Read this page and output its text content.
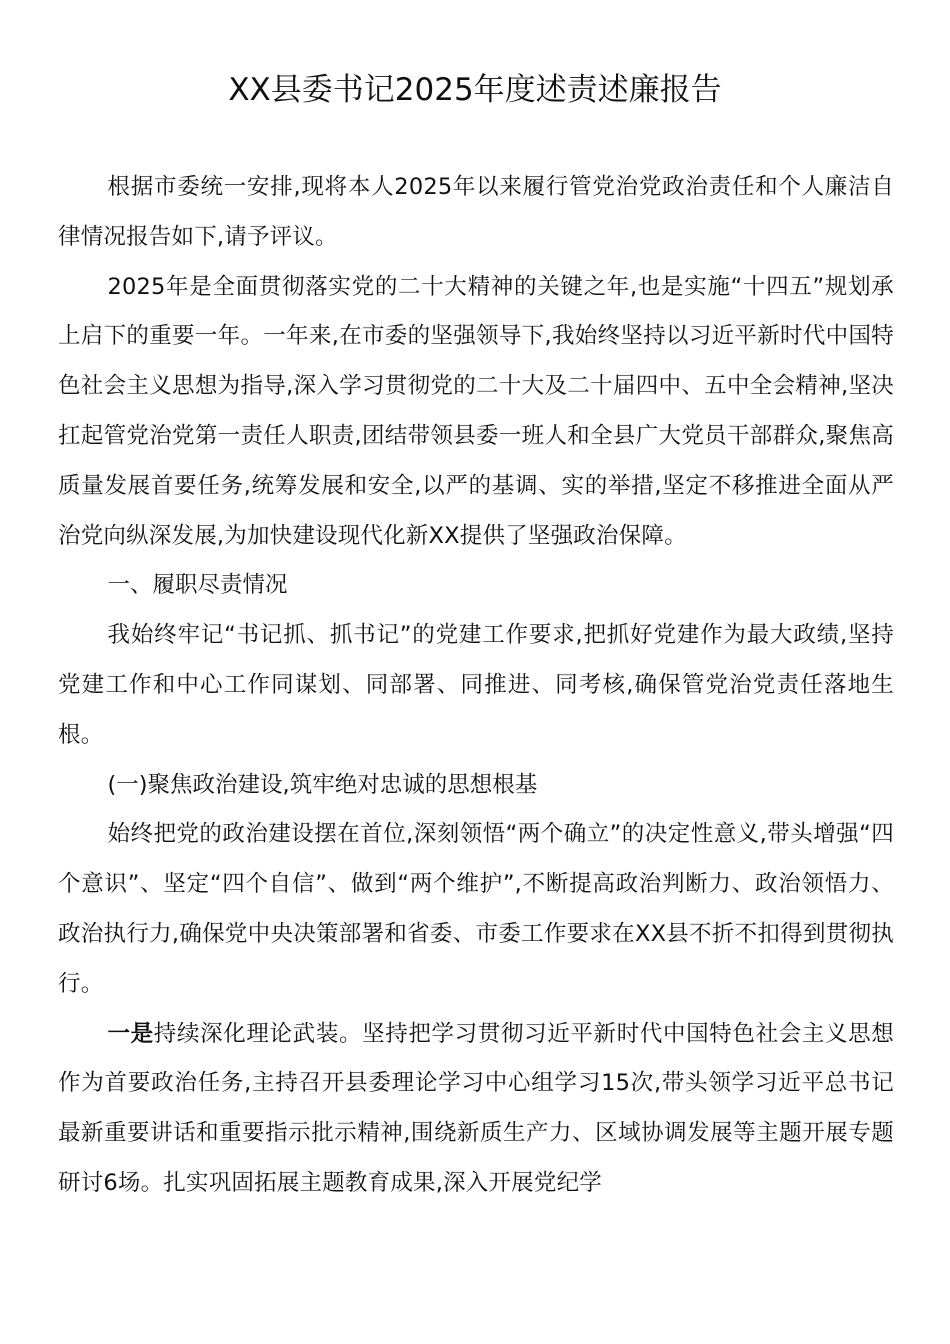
XX县委书记2025年度述责述廉报告

根据市委统一安排,现将本人2025年以来履行管党治党政治责任和个人廉洁自律情况报告如下,请予评议。

2025年是全面贯彻落实党的二十大精神的关键之年,也是实施“十四五”规划承上启下的重要一年。一年来,在市委的坚强领导下,我始终坚持以习近平新时代中国特色社会主义思想为指导,深入学习贯彻党的二十大及二十届四中、五中全会精神,坚决扛起管党治党第一责任人职责,团结带领县委一班人和全县广大党员干部群众,聚焦高质量发展首要任务,统筹发展和安全,以严的基调、实的举措,坚定不移推进全面从严治党向纵深发展,为加快建设现代化新XX提供了坚强政治保障。

一、履职尽责情况

我始终牢记“书记抓、抓书记”的党建工作要求,把抓好党建作为最大政绩,坚持党建工作和中心工作同谋划、同部署、同推进、同考核,确保管党治党责任落地生根。

(一)聚焦政治建设,筑牢绝对忠诚的思想根基

始终把党的政治建设摆在首位,深刻领悟“两个确立”的决定性意义,带头增强“四个意识”、坚定“四个自信”、做到“两个维护”,不断提高政治判断力、政治领悟力、政治执行力,确保党中央决策部署和省委、市委工作要求在XX县不折不扣得到贯彻执行。

一是持续深化理论武装。坚持把学习贯彻习近平新时代中国特色社会主义思想作为首要政治任务,主持召开县委理论学习中心组学习15次,带头领学习近平总书记最新重要讲话和重要指示批示精神,围绕新质生产力、区域协调发展等主题开展专题研讨6场。扎实巩固拓展主题教育成果,深入开展党纪学
